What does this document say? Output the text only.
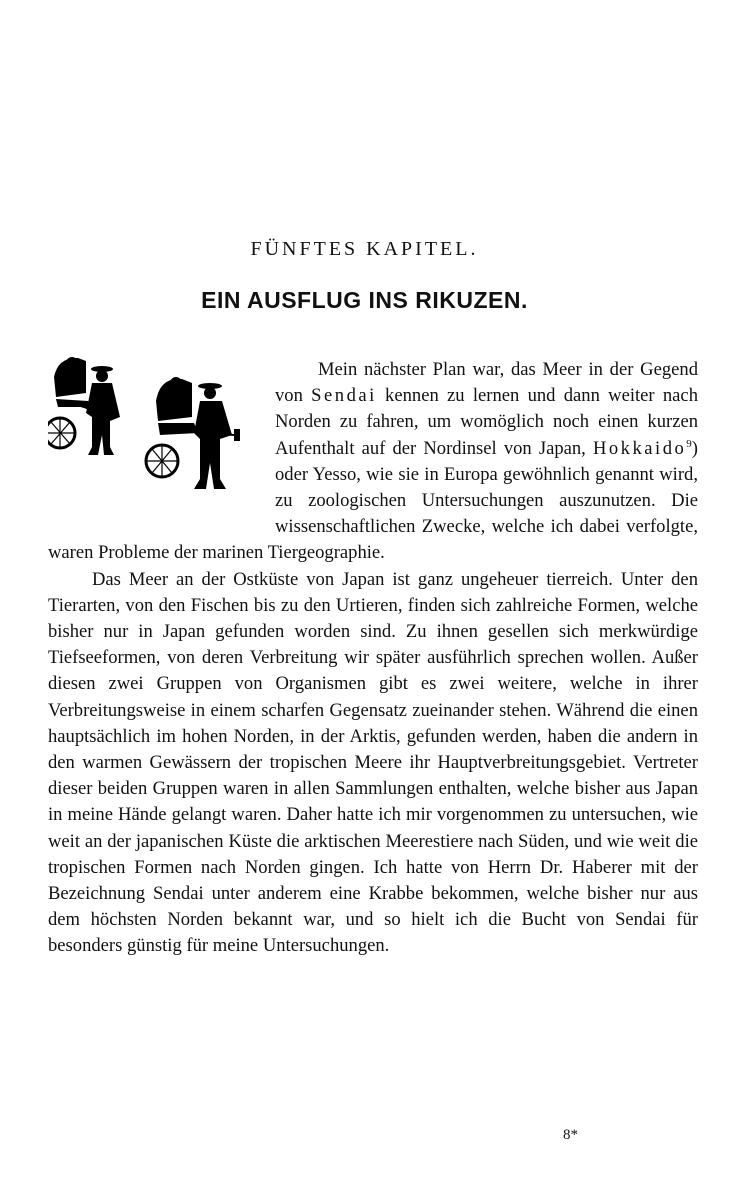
FÜNFTES KAPITEL.
EIN AUSFLUG INS RIKUZEN.

Mein nächster Plan war, das Meer in der Gegend von Sendai kennen zu lernen und dann weiter nach Norden zu fahren, um womöglich noch einen kurzen Aufenthalt auf der Nordinsel von Japan, Hokkaido$^9$) oder Yesso, wie sie in Europa gewöhnlich genannt wird, zu zoologischen Untersuchungen auszunutzen. Die wissenschaftlichen Zwecke, welche ich dabei verfolgte, waren Probleme der marinen Tiergeographie.

Das Meer an der Ostküste von Japan ist ganz ungeheuer tierreich. Unter den Tierarten, von den Fischen bis zu den Urtieren, finden sich zahlreiche Formen, welche bisher nur in Japan gefunden worden sind. Zu ihnen gesellen sich merkwürdige Tiefseeformen, von deren Verbreitung wir später ausführlich sprechen wollen. Außer diesen zwei Gruppen von Organismen gibt es zwei weitere, welche in ihrer Verbreitungsweise in einem scharfen Gegensatz zueinander stehen. Während die einen hauptsächlich im hohen Norden, in der Arktis, gefunden werden, haben die andern in den warmen Gewässern der tropischen Meere ihr Hauptverbreitungsgebiet. Vertreter dieser beiden Gruppen waren in allen Sammlungen enthalten, welche bisher aus Japan in meine Hände gelangt waren. Daher hatte ich mir vorgenommen zu untersuchen, wie weit an der japanischen Küste die arktischen Meerestiere nach Süden, und wie weit die tropischen Formen nach Norden gingen. Ich hatte von Herrn Dr. Haberer mit der Bezeichnung Sendai unter anderem eine Krabbe bekommen, welche bisher nur aus dem höchsten Norden bekannt war, und so hielt ich die Bucht von Sendai für besonders günstig für meine Untersuchungen.

8*
